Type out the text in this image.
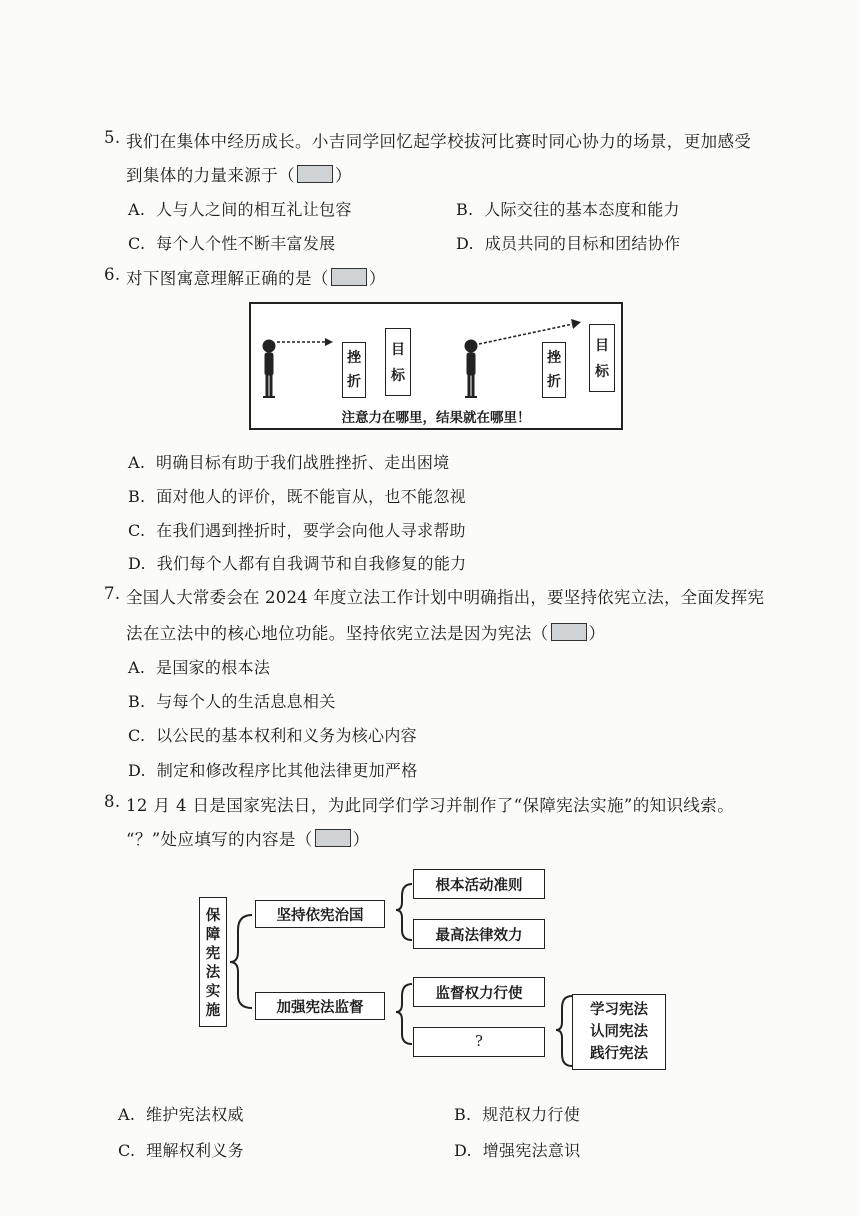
5. 我们在集体中经历成长。小吉同学回忆起学校拔河比赛时同心协力的场景，更加感受
到集体的力量来源于（ ）
A. 人与人之间的相互礼让包容	B. 人际交往的基本态度和能力
C. 每个人个性不断丰富发展	D. 成员共同的目标和团结协作
6. 对下图寓意理解正确的是（ ）
挫
折
目
标
挫
折
目
标
注意力在哪里，结果就在哪里！
A. 明确目标有助于我们战胜挫折、走出困境
B. 面对他人的评价，既不能盲从，也不能忽视
C. 在我们遇到挫折时，要学会向他人寻求帮助
D. 我们每个人都有自我调节和自我修复的能力
7. 全国人大常委会在 2024 年度立法工作计划中明确指出，要坚持依宪立法，全面发挥宪
法在立法中的核心地位功能。坚持依宪立法是因为宪法（ ）
A. 是国家的根本法
B. 与每个人的生活息息相关
C. 以公民的基本权利和义务为核心内容
D. 制定和修改程序比其他法律更加严格
8. 12 月 4 日是国家宪法日，为此同学们学习并制作了“保障宪法实施”的知识线索。
“？”处应填写的内容是（ ）
保
障
宪
法
实
施
坚持依宪治国
加强宪法监督
根本活动准则
最高法律效力
监督权力行使
?
学习宪法
认同宪法
践行宪法
A. 维护宪法权威	B. 规范权力行使
C. 理解权利义务	D. 增强宪法意识
